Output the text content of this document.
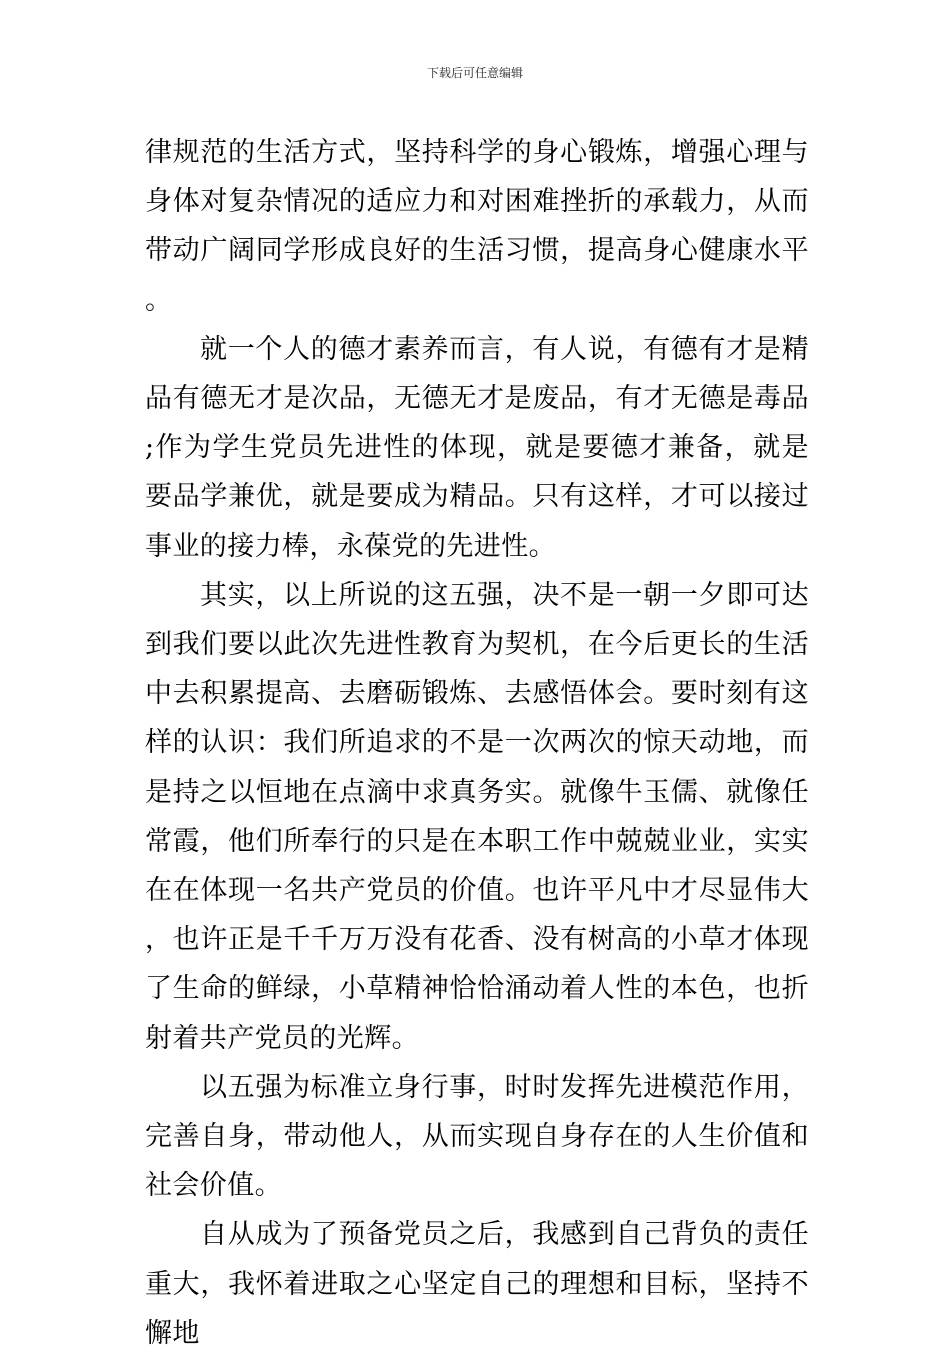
下载后可任意编辑

律规范的生活方式，坚持科学的身心锻炼，增强心理与身体对复杂情况的适应力和对困难挫折的承载力，从而带动广阔同学形成良好的生活习惯，提高身心健康水平。

就一个人的德才素养而言，有人说，有德有才是精品有德无才是次品，无德无才是废品，有才无德是毒品;作为学生党员先进性的体现，就是要德才兼备，就是要品学兼优，就是要成为精品。只有这样，才可以接过事业的接力棒，永葆党的先进性。

其实，以上所说的这五强，决不是一朝一夕即可达到我们要以此次先进性教育为契机，在今后更长的生活中去积累提高、去磨砺锻炼、去感悟体会。要时刻有这样的认识：我们所追求的不是一次两次的惊天动地，而是持之以恒地在点滴中求真务实。就像牛玉儒、就像任常霞，他们所奉行的只是在本职工作中兢兢业业，实实在在体现一名共产党员的价值。也许平凡中才尽显伟大，也许正是千千万万没有花香、没有树高的小草才体现了生命的鲜绿，小草精神恰恰涌动着人性的本色，也折射着共产党员的光辉。

以五强为标准立身行事，时时发挥先进模范作用，完善自身，带动他人，从而实现自身存在的人生价值和社会价值。

自从成为了预备党员之后，我感到自己背负的责任重大，我怀着进取之心坚定自己的理想和目标，坚持不懈地
